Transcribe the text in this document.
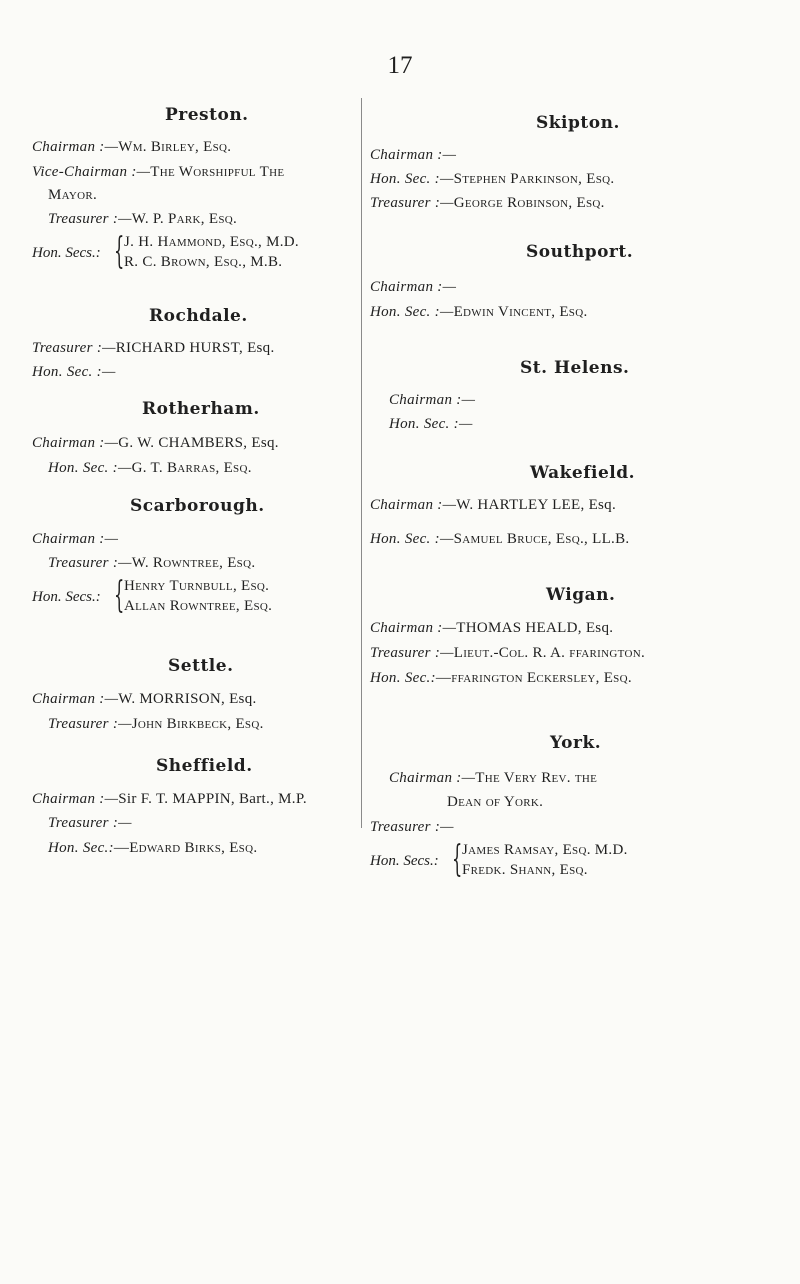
17
Preston.
Chairman :—Wm. Birley, Esq.
Vice-Chairman :—The Worshipful The
Mayor.
Treasurer :—W. P. Park, Esq.
Hon. Secs.: { J. H. Hammond, Esq., M.D.
R. C. Brown, Esq., M.B.
Rochdale.
Treasurer :—RICHARD HURST, Esq.
Hon. Sec. :—
Rotherham.
Chairman :—G. W. CHAMBERS, Esq.
Hon. Sec. :—G. T. Barras, Esq.
Scarborough.
Chairman :—
Treasurer :—W. Rowntree, Esq.
Hon. Secs.: { Henry Turnbull, Esq.
Allan Rowntree, Esq.
Settle.
Chairman :—W. MORRISON, Esq.
Treasurer :—John Birkbeck, Esq.
Sheffield.
Chairman :—Sir F. T. MAPPIN, Bart., M.P.
Treasurer :—
Hon. Sec.:—Edward Birks, Esq.
Skipton.
Chairman :—
Hon. Sec. :—Stephen Parkinson, Esq.
Treasurer :—George Robinson, Esq.
Southport.
Chairman :—
Hon. Sec. :—Edwin Vincent, Esq.
St. Helens.
Chairman :—
Hon. Sec. :—
Wakefield.
Chairman :—W. HARTLEY LEE, Esq.
Hon. Sec. :—Samuel Bruce, Esq., LL.B.
Wigan.
Chairman :—THOMAS HEALD, Esq.
Treasurer :—Lieut.-Col. R. A. ffarington.
Hon. Sec.:—ffarington Eckersley, Esq.
York.
Chairman :—The Very Rev. the
Dean of York.
Treasurer :—
Hon. Secs.: { James Ramsay, Esq. M.D.
Fredk. Shann, Esq.
